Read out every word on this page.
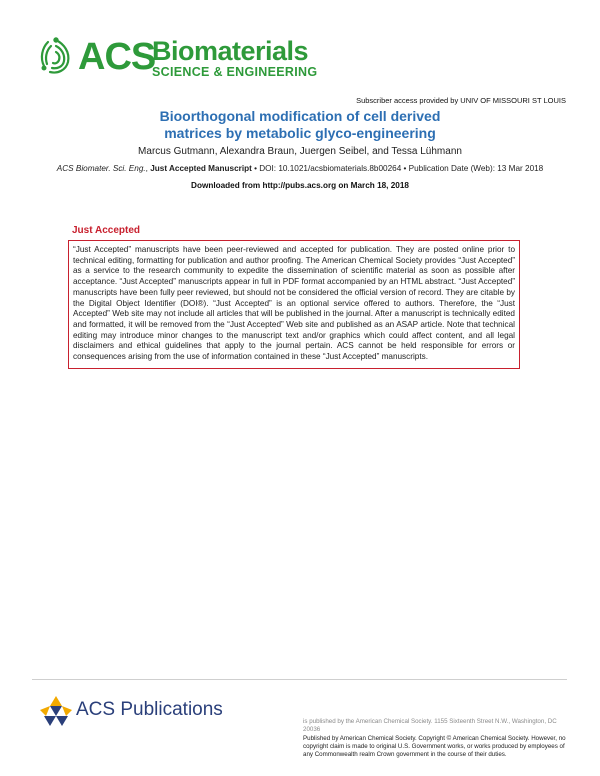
ACS
Biomaterials
SCIENCE & ENGINEERING
Subscriber access provided by UNIV OF MISSOURI ST LOUIS
Bioorthogonal modification of cell derived
matrices by metabolic glyco-engineering
Marcus Gutmann, Alexandra Braun, Juergen Seibel, and Tessa Lühmann
ACS Biomater. Sci. Eng., Just Accepted Manuscript • DOI: 10.1021/acsbiomaterials.8b00264 • Publication Date (Web): 13 Mar 2018
Downloaded from http://pubs.acs.org on March 18, 2018
Just Accepted

“Just Accepted” manuscripts have been peer-reviewed and accepted for publication. They are posted online prior to technical editing, formatting for publication and author proofing. The American Chemical Society provides “Just Accepted” as a service to the research community to expedite the dissemination of scientific material as soon as possible after acceptance. “Just Accepted” manuscripts appear in full in PDF format accompanied by an HTML abstract. “Just Accepted” manuscripts have been fully peer reviewed, but should not be considered the official version of record. They are citable by the Digital Object Identifier (DOI®). “Just Accepted” is an optional service offered to authors. Therefore, the “Just Accepted” Web site may not include all articles that will be published in the journal. After a manuscript is technically edited and formatted, it will be removed from the “Just Accepted” Web site and published as an ASAP article. Note that technical editing may introduce minor changes to the manuscript text and/or graphics which could affect content, and all legal disclaimers and ethical guidelines that apply to the journal pertain. ACS cannot be held responsible for errors or consequences arising from the use of information contained in these “Just Accepted” manuscripts.

ACS Publications
is published by the American Chemical Society. 1155 Sixteenth Street N.W., Washington, DC 20036
Published by American Chemical Society. Copyright © American Chemical Society. However, no copyright claim is made to original U.S. Government works, or works produced by employees of any Commonwealth realm Crown government in the course of their duties.
